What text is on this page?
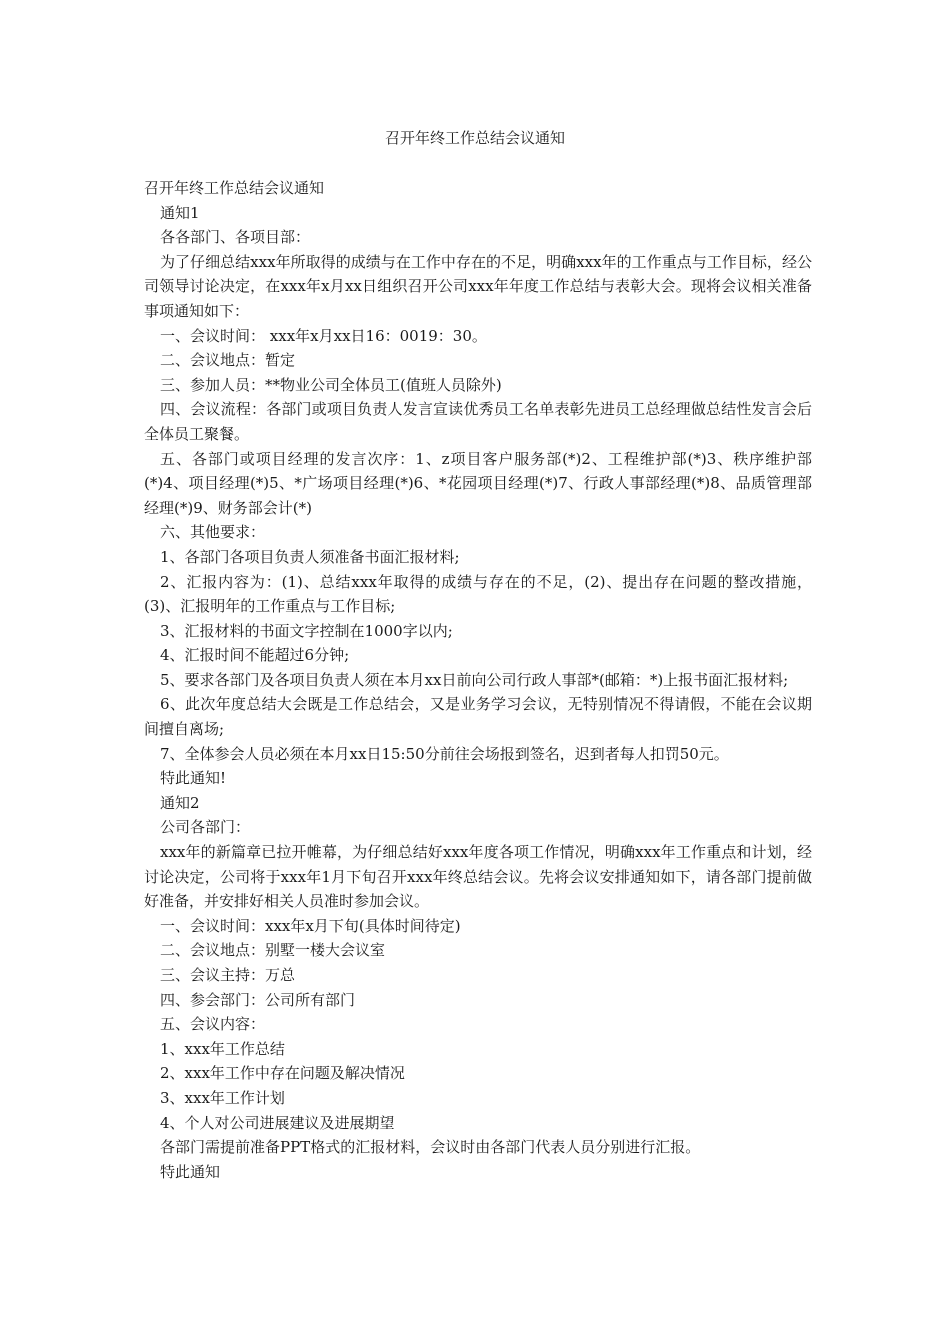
召开年终工作总结会议通知

召开年终工作总结会议通知

通知1

各各部门、各项目部：

为了仔细总结xxx年所取得的成绩与在工作中存在的不足，明确xxx年的工作重点与工作目标，经公司领导讨论决定，在xxx年x月xx日组织召开公司xxx年年度工作总结与表彰大会。现将会议相关准备事项通知如下：

一、会议时间： xxx年x月xx日16：0019：30。

二、会议地点：暂定

三、参加人员：**物业公司全体员工(值班人员除外)

四、会议流程：各部门或项目负责人发言宣读优秀员工名单表彰先进员工总经理做总结性发言会后全体员工聚餐。

五、各部门或项目经理的发言次序：1、z项目客户服务部(*)2、工程维护部(*)3、秩序维护部(*)4、项目经理(*)5、*广场项目经理(*)6、*花园项目经理(*)7、行政人事部经理(*)8、品质管理部经理(*)9、财务部会计(*)

六、其他要求：

1、各部门各项目负责人须准备书面汇报材料;

2、汇报内容为：(1)、总结xxx年取得的成绩与存在的不足，(2)、提出存在问题的整改措施，(3)、汇报明年的工作重点与工作目标;

3、汇报材料的书面文字控制在1000字以内;

4、汇报时间不能超过6分钟;

5、要求各部门及各项目负责人须在本月xx日前向公司行政人事部*(邮箱：*)上报书面汇报材料;

6、此次年度总结大会既是工作总结会，又是业务学习会议，无特别情况不得请假，不能在会议期间擅自离场;

7、全体参会人员必须在本月xx日15:50分前往会场报到签名，迟到者每人扣罚50元。

特此通知!

通知2

公司各部门：

xxx年的新篇章已拉开帷幕，为仔细总结好xxx年度各项工作情况，明确xxx年工作重点和计划，经讨论决定，公司将于xxx年1月下旬召开xxx年终总结会议。先将会议安排通知如下，请各部门提前做好准备，并安排好相关人员准时参加会议。

一、会议时间：xxx年x月下旬(具体时间待定)

二、会议地点：别墅一楼大会议室

三、会议主持：万总

四、参会部门：公司所有部门

五、会议内容：

1、xxx年工作总结

2、xxx年工作中存在问题及解决情况

3、xxx年工作计划

4、个人对公司进展建议及进展期望

各部门需提前准备PPT格式的汇报材料，会议时由各部门代表人员分别进行汇报。

特此通知
